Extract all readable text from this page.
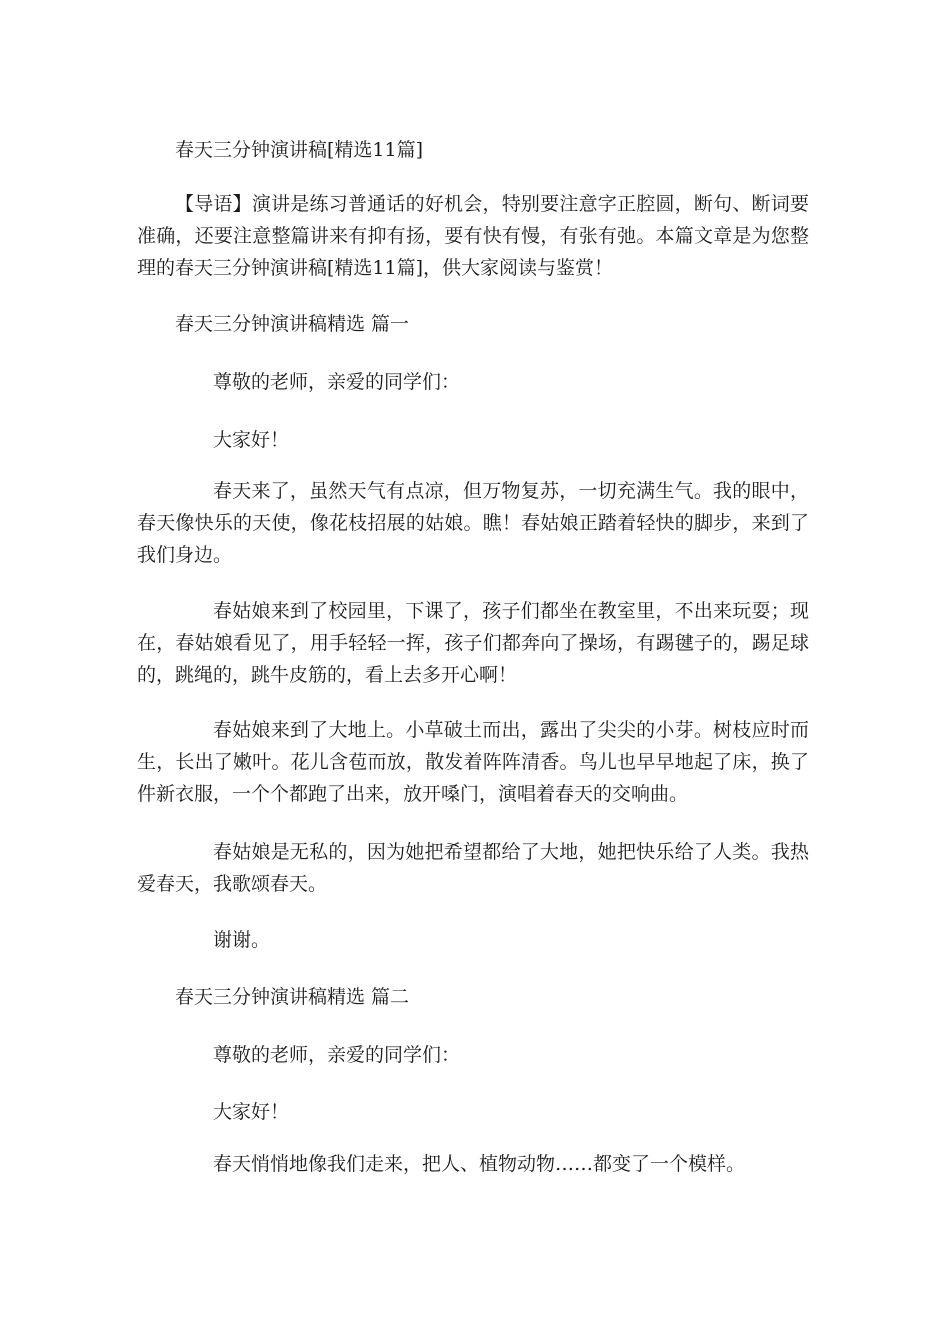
春天三分钟演讲稿[精选11篇]
【导语】演讲是练习普通话的好机会，特别要注意字正腔圆，断句、断词要准确，还要注意整篇讲来有抑有扬，要有快有慢，有张有弛。本篇文章是为您整理的春天三分钟演讲稿[精选11篇]，供大家阅读与鉴赏！
春天三分钟演讲稿精选 篇一
尊敬的老师，亲爱的同学们：
大家好！

春天来了，虽然天气有点凉，但万物复苏，一切充满生气。我的眼中，春天像快乐的天使，像花枝招展的姑娘。瞧！春姑娘正踏着轻快的脚步，来到了我们身边。

春姑娘来到了校园里，下课了，孩子们都坐在教室里，不出来玩耍；现在，春姑娘看见了，用手轻轻一挥，孩子们都奔向了操场，有踢毽子的，踢足球的，跳绳的，跳牛皮筋的，看上去多开心啊！

春姑娘来到了大地上。小草破土而出，露出了尖尖的小芽。树枝应时而生，长出了嫩叶。花儿含苞而放，散发着阵阵清香。鸟儿也早早地起了床，换了件新衣服，一个个都跑了出来，放开嗓门，演唱着春天的交响曲。

春姑娘是无私的，因为她把希望都给了大地，她把快乐给了人类。我热爱春天，我歌颂春天。

谢谢。
春天三分钟演讲稿精选 篇二
尊敬的老师，亲爱的同学们：
大家好！
春天悄悄地像我们走来，把人、植物动物……都变了一个模样。
